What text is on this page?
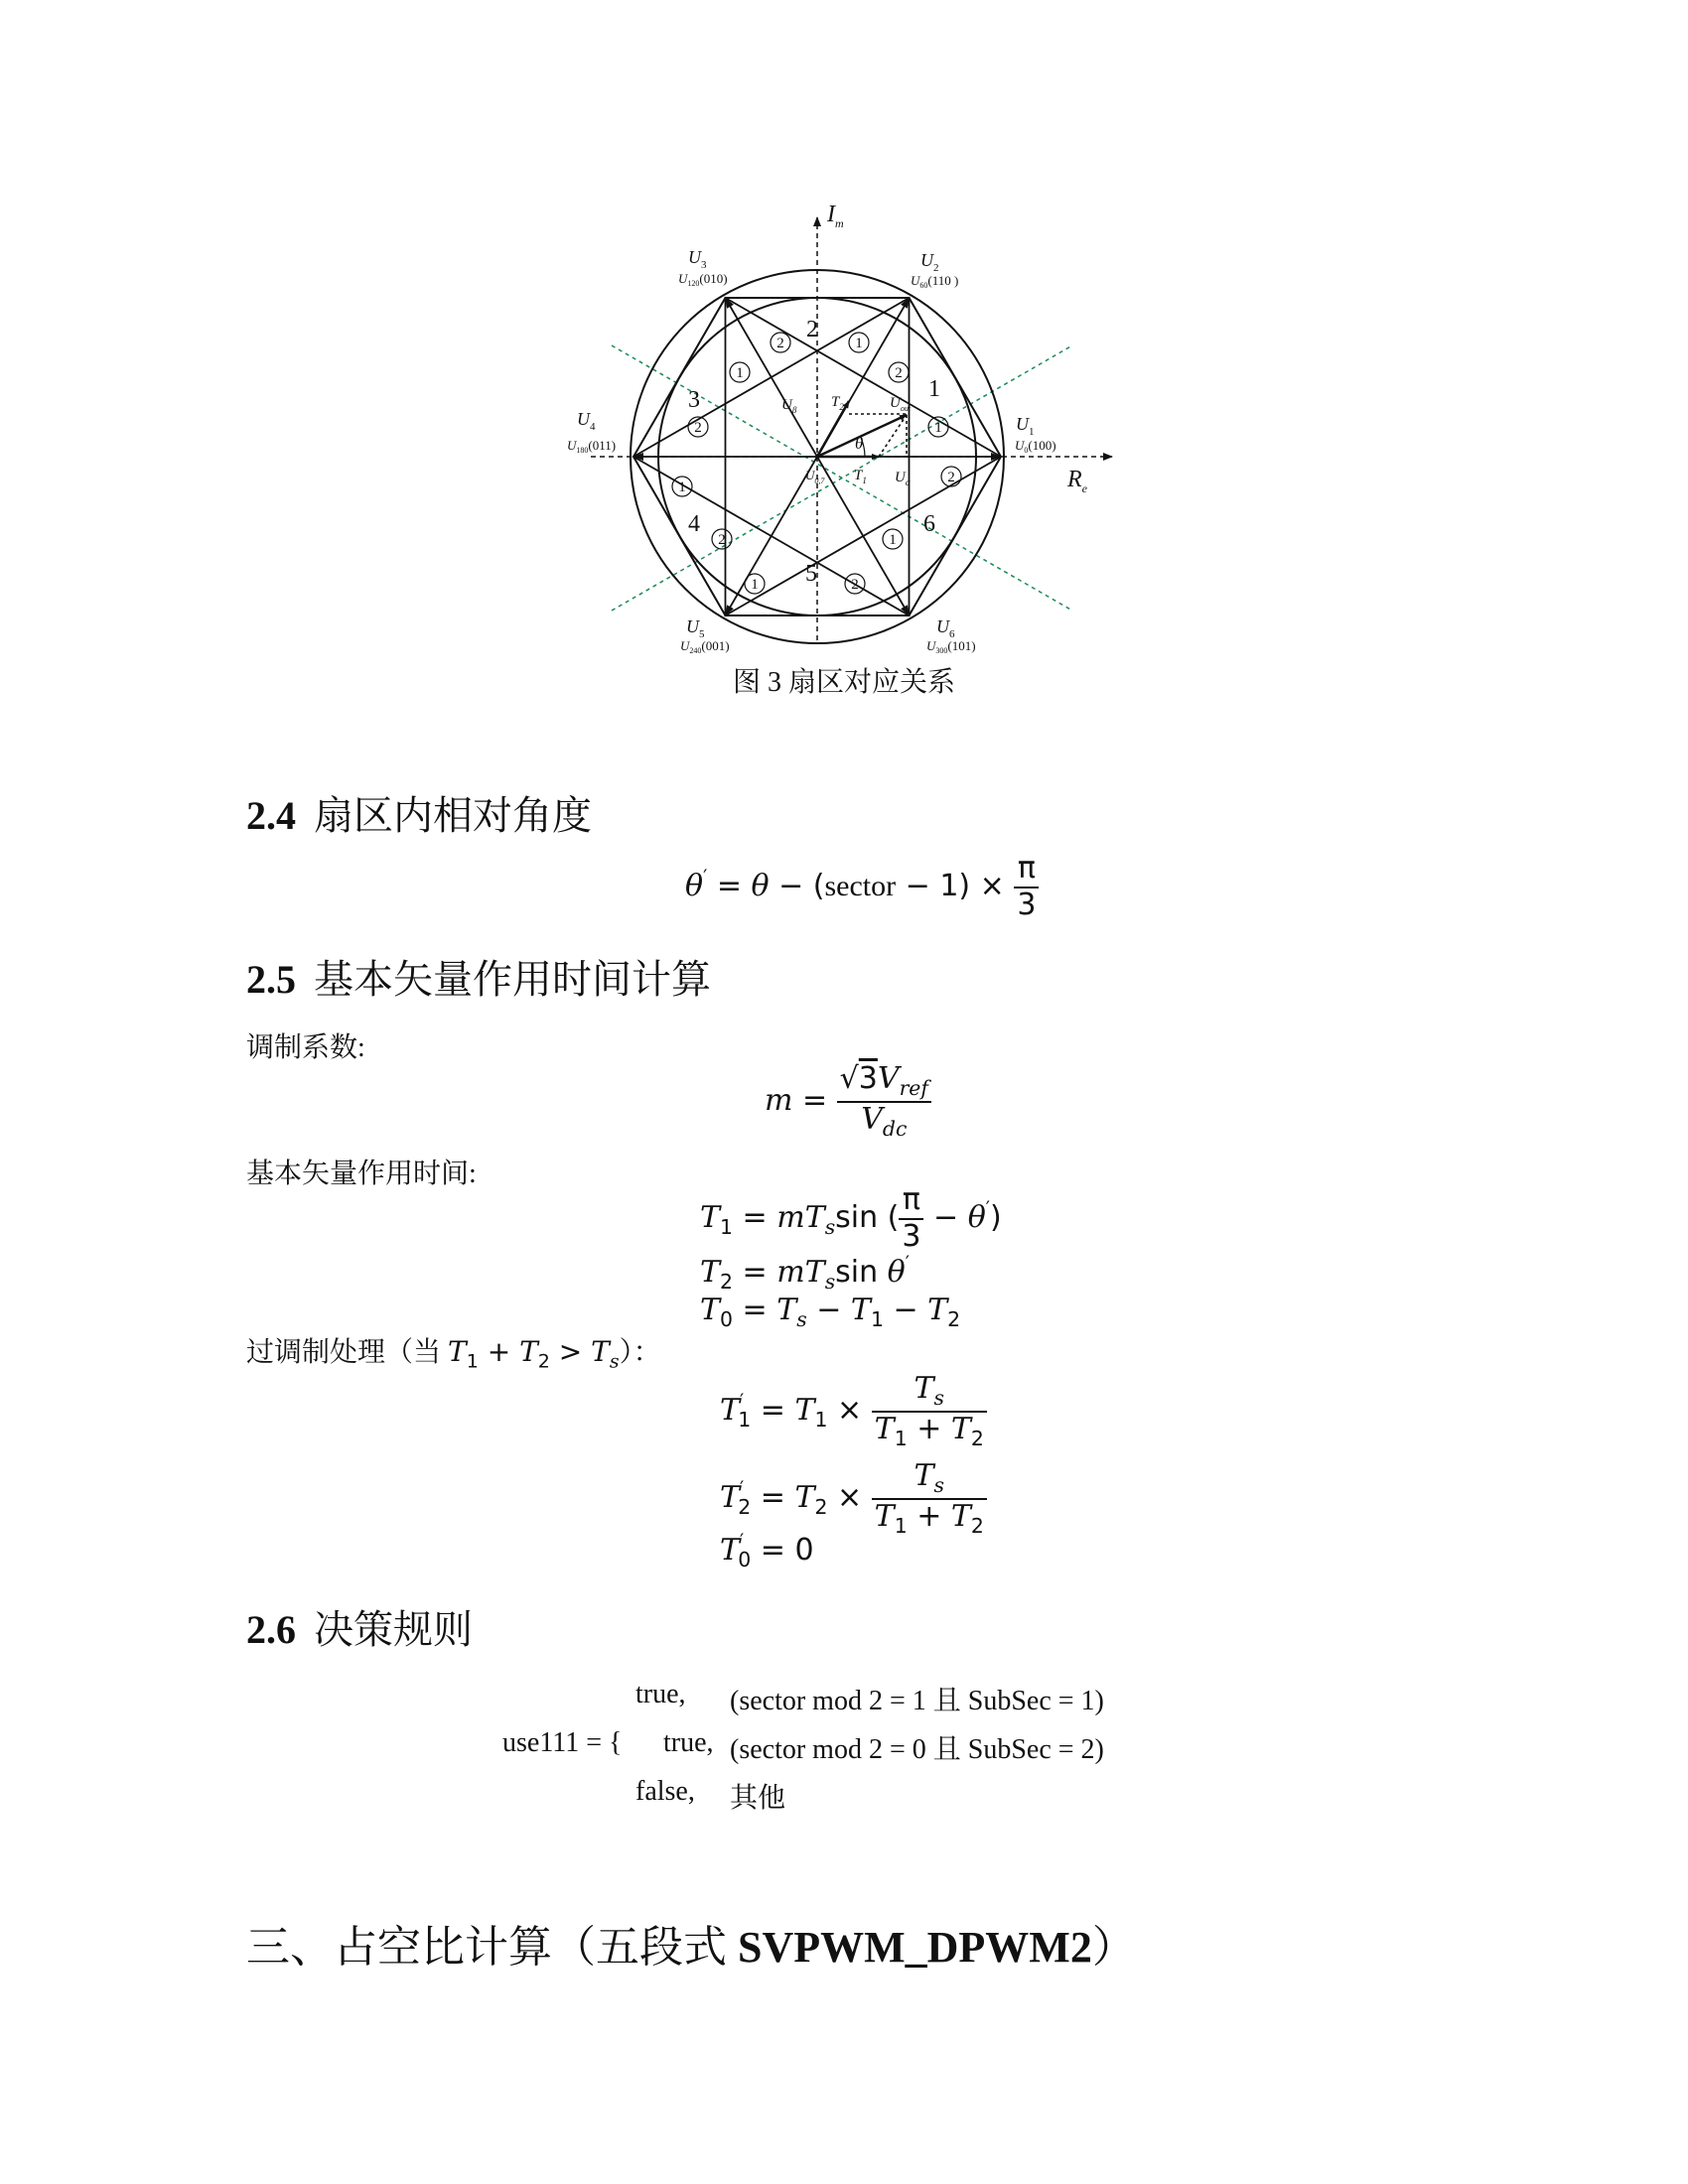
$I_m$
$R_e$
$U_1$
$U_0(100)$
$U_2$
$U_{60}(110$ )
$U_3$
$U_{120}(010)$
$U_4$
$U_{180}(011)$
$U_5$
$U_{240}(001)$
$U_6$
$U_{300}(101)$
1
2
3
4
5
6
1
2
2
1
2
1
2
1
2
1	2
1
$U_\beta$ $T_2$	$U_{out}$
θ
$T_1$ $U_\alpha$
$U_{0,7}$
图 3 扇区对应关系
2.4 扇区内相对角度
θ′ = θ − (sector − $1) \times \frac{\pi}{3}$
2.5 基本矢量作用时间计算
调制系数:
$m = \frac{√3V_{ref}}{V_{dc}}$
基本矢量作用时间:
$T_1 = mT_s\sin$ ( $\frac{\pi}{3} - \theta'$)
$T_2 = mT_s\sin$ θ′
$T_0 = T_s - T_1 - T_2$
过调制处理（当 $T_1 + T_2 > T_s$）：
$T'_1 = T_1 \times \frac{T_s}{T_1 + T_2}$
$T'_2 = T_2 \times \frac{T_s}{T_1 + T_2}$
$T'_0 = 0$
2.6 决策规则
use111 = {
true, (sector mod 2 = 1 且 SubSec = 1)
true, (sector mod 2 = 0 且 SubSec = 2)
false, 其他
三、占空比计算（五段式 SVPWM_DPWM2）
